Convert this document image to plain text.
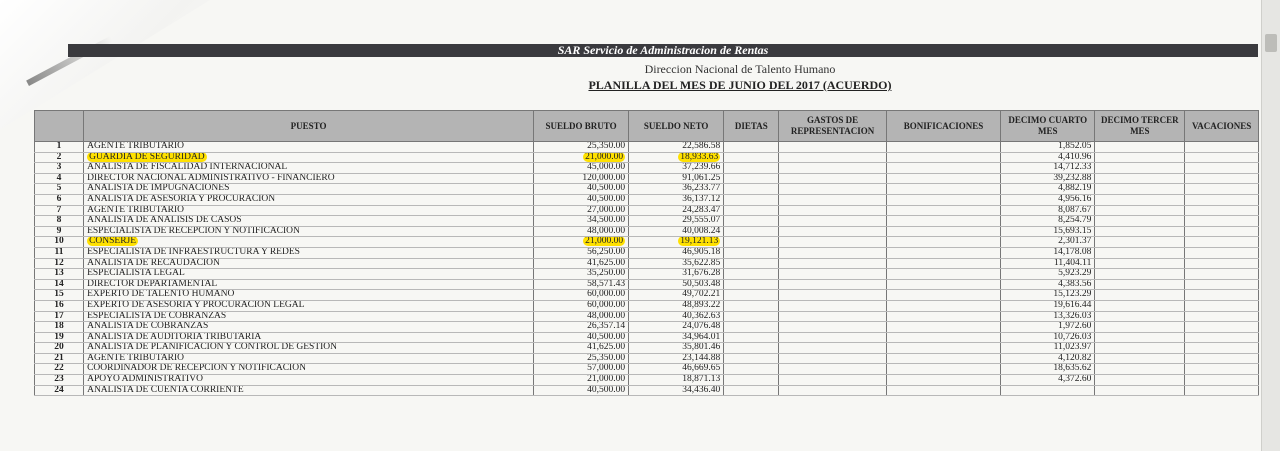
SAR Servicio de Administracion de Rentas
Direccion Nacional de Talento Humano
PLANILLA DEL MES DE JUNIO DEL 2017 (ACUERDO)
	PUESTO	SUELDO BRUTO	SUELDO NETO	DIETAS	GASTOS DE REPRESENTACION	BONIFICACIONES	DECIMO CUARTO MES	DECIMO TERCER MES	VACACIONES
1	AGENTE TRIBUTARIO	25,350.00	22,586.58				1,852.05		
2	GUARDIA DE SEGURIDAD	21,000.00	18,933.63				4,410.96		
3	ANALISTA DE FISCALIDAD INTERNACIONAL	45,000.00	37,239.66				14,712.33		
4	DIRECTOR NACIONAL ADMINISTRATIVO - FINANCIERO	120,000.00	91,061.25				39,232.88		
5	ANALISTA DE IMPUGNACIONES	40,500.00	36,233.77				4,882.19		
6	ANALISTA DE ASESORÍA Y PROCURACIÓN	40,500.00	36,137.12				4,956.16		
7	AGENTE TRIBUTARIO	27,000.00	24,283.47				8,087.67		
8	ANALISTA DE ANALISIS DE CASOS	34,500.00	29,555.07				8,254.79		
9	ESPECIALISTA DE RECEPCIÓN Y NOTIFICACIÓN	48,000.00	40,008.24				15,693.15		
10	CONSERJE	21,000.00	19,121.13				2,301.37		
11	ESPECIALISTA DE INFRAESTRUCTURA Y REDES	56,250.00	46,905.18				14,178.08		
12	ANALISTA DE RECAUDACIÓN	41,625.00	35,622.85				11,404.11		
13	ESPECIALISTA LEGAL	35,250.00	31,676.28				5,923.29		
14	DIRECTOR DEPARTAMENTAL	58,571.43	50,503.48				4,383.56		
15	EXPERTO DE TALENTO HUMANO	60,000.00	49,702.21				15,123.29		
16	EXPERTO DE ASESORÍA Y PROCURACIÓN LEGAL	60,000.00	48,893.22				19,616.44		
17	ESPECIALISTA DE COBRANZAS	48,000.00	40,362.63				13,326.03		
18	ANALISTA DE COBRANZAS	26,357.14	24,076.48				1,972.60		
19	ANALISTA DE AUDITORIA TRIBUTARIA	40,500.00	34,964.01				10,726.03		
20	ANALISTA DE PLANIFICACIÓN Y CONTROL DE GESTIÓN	41,625.00	35,801.46				11,023.97		
21	AGENTE TRIBUTARIO	25,350.00	23,144.88				4,120.82		
22	COORDINADOR DE RECEPCIÓN Y NOTIFICACIÓN	57,000.00	46,669.65				18,635.62		
23	APOYO ADMINISTRATIVO	21,000.00	18,871.13				4,372.60		
24	ANALISTA DE CUENTA CORRIENTE	40,500.00	34,436.40						
